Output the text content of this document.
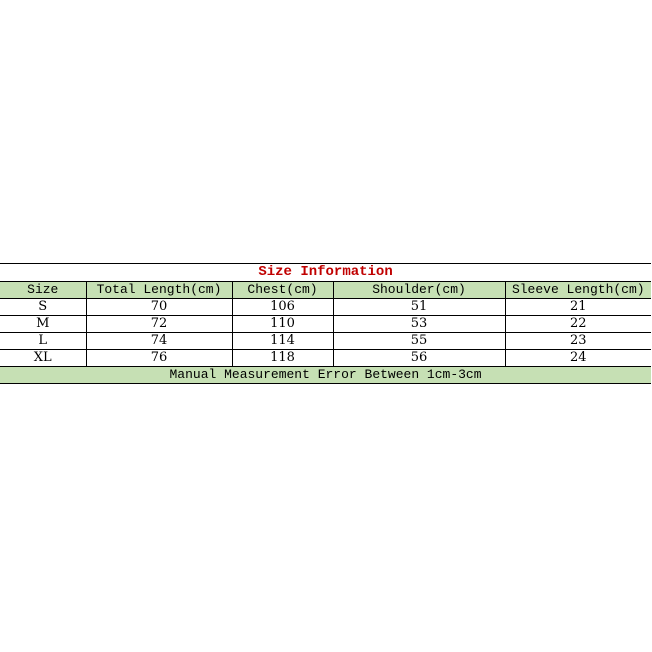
Size Information				
Size	Total Length(cm)	Chest(cm)	Shoulder(cm)	Sleeve Length(cm)
S	70	106	51	21
M	72	110	53	22
L	74	114	55	23
XL	76	118	56	24
Manual Measurement Error Between 1cm-3cm				
